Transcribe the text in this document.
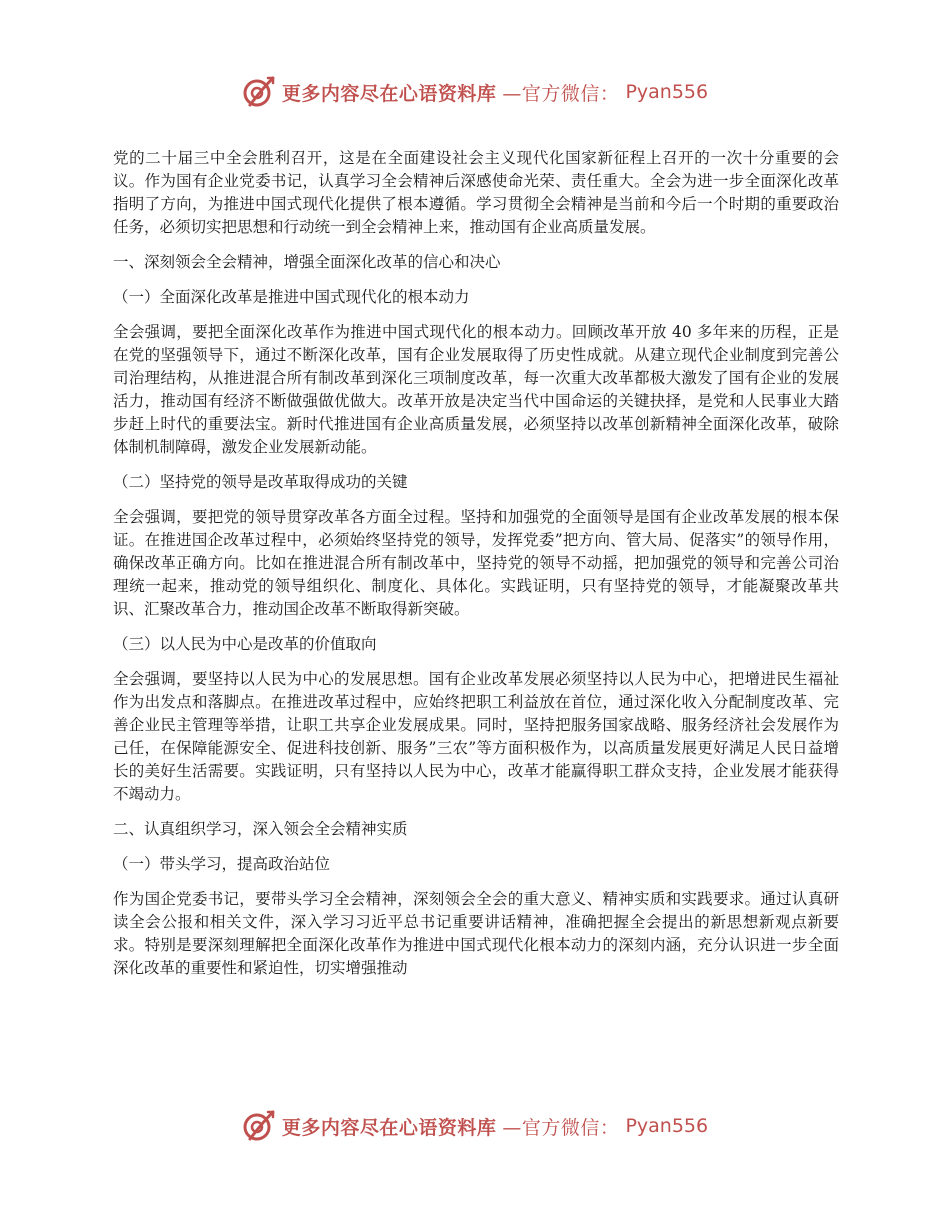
更多内容尽在心语资料库 —官方微信： Pyan556

党的二十届三中全会胜利召开，这是在全面建设社会主义现代化国家新征程上召开的一次十分重要的会议。作为国有企业党委书记，认真学习全会精神后深感使命光荣、责任重大。全会为进一步全面深化改革指明了方向，为推进中国式现代化提供了根本遵循。学习贯彻全会精神是当前和今后一个时期的重要政治任务，必须切实把思想和行动统一到全会精神上来，推动国有企业高质量发展。

一、深刻领会全会精神，增强全面深化改革的信心和决心

（一）全面深化改革是推进中国式现代化的根本动力

全会强调，要把全面深化改革作为推进中国式现代化的根本动力。回顾改革开放 40 多年来的历程，正是在党的坚强领导下，通过不断深化改革，国有企业发展取得了历史性成就。从建立现代企业制度到完善公司治理结构，从推进混合所有制改革到深化三项制度改革，每一次重大改革都极大激发了国有企业的发展活力，推动国有经济不断做强做优做大。改革开放是决定当代中国命运的关键抉择，是党和人民事业大踏步赶上时代的重要法宝。新时代推进国有企业高质量发展，必须坚持以改革创新精神全面深化改革，破除体制机制障碍，激发企业发展新动能。

（二）坚持党的领导是改革取得成功的关键

全会强调，要把党的领导贯穿改革各方面全过程。坚持和加强党的全面领导是国有企业改革发展的根本保证。在推进国企改革过程中，必须始终坚持党的领导，发挥党委”把方向、管大局、促落实”的领导作用，确保改革正确方向。比如在推进混合所有制改革中，坚持党的领导不动摇，把加强党的领导和完善公司治理统一起来，推动党的领导组织化、制度化、具体化。实践证明，只有坚持党的领导，才能凝聚改革共识、汇聚改革合力，推动国企改革不断取得新突破。

（三）以人民为中心是改革的价值取向

全会强调，要坚持以人民为中心的发展思想。国有企业改革发展必须坚持以人民为中心，把增进民生福祉作为出发点和落脚点。在推进改革过程中，应始终把职工利益放在首位，通过深化收入分配制度改革、完善企业民主管理等举措，让职工共享企业发展成果。同时，坚持把服务国家战略、服务经济社会发展作为己任，在保障能源安全、促进科技创新、服务”三农”等方面积极作为，以高质量发展更好满足人民日益增长的美好生活需要。实践证明，只有坚持以人民为中心，改革才能赢得职工群众支持，企业发展才能获得不竭动力。

二、认真组织学习，深入领会全会精神实质

（一）带头学习，提高政治站位

作为国企党委书记，要带头学习全会精神，深刻领会全会的重大意义、精神实质和实践要求。通过认真研读全会公报和相关文件，深入学习习近平总书记重要讲话精神，准确把握全会提出的新思想新观点新要求。特别是要深刻理解把全面深化改革作为推进中国式现代化根本动力的深刻内涵，充分认识进一步全面深化改革的重要性和紧迫性，切实增强推动

更多内容尽在心语资料库 —官方微信： Pyan556
